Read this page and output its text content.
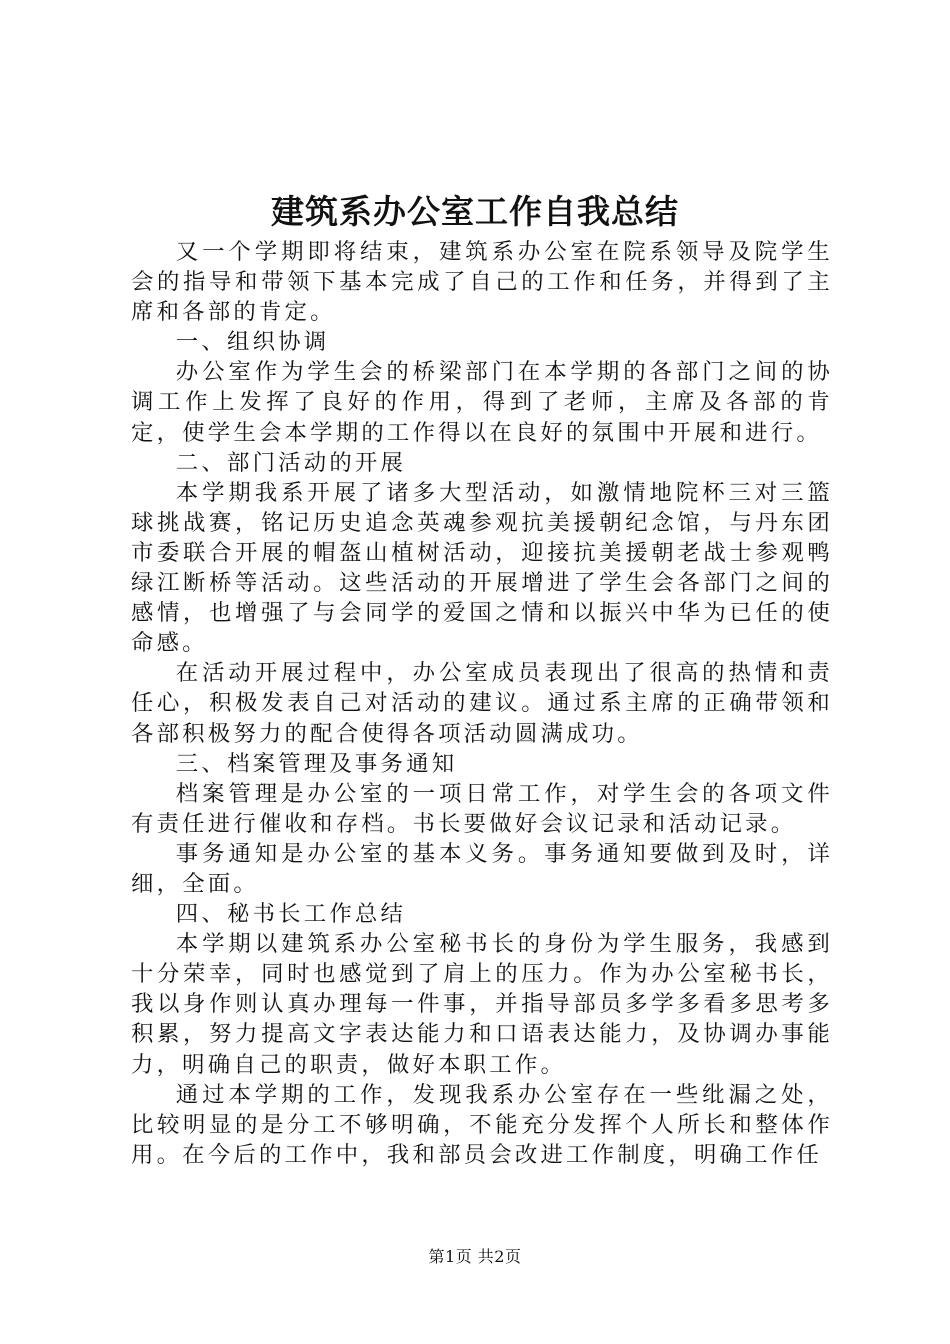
建筑系办公室工作自我总结

又一个学期即将结束，建筑系办公室在院系领导及院学生会的指导和带领下基本完成了自己的工作和任务，并得到了主席和各部的肯定。

一、组织协调

办公室作为学生会的桥梁部门在本学期的各部门之间的协调工作上发挥了良好的作用，得到了老师，主席及各部的肯定，使学生会本学期的工作得以在良好的氛围中开展和进行。

二、部门活动的开展

本学期我系开展了诸多大型活动，如激情地院杯三对三篮球挑战赛，铭记历史追念英魂参观抗美援朝纪念馆，与丹东团市委联合开展的帽盔山植树活动，迎接抗美援朝老战士参观鸭绿江断桥等活动。这些活动的开展增进了学生会各部门之间的感情，也增强了与会同学的爱国之情和以振兴中华为已任的使命感。

在活动开展过程中，办公室成员表现出了很高的热情和责任心，积极发表自己对活动的建议。通过系主席的正确带领和各部积极努力的配合使得各项活动圆满成功。

三、档案管理及事务通知

档案管理是办公室的一项日常工作，对学生会的各项文件有责任进行催收和存档。书长要做好会议记录和活动记录。

事务通知是办公室的基本义务。事务通知要做到及时，详细，全面。

四、秘书长工作总结

本学期以建筑系办公室秘书长的身份为学生服务，我感到十分荣幸，同时也感觉到了肩上的压力。作为办公室秘书长，我以身作则认真办理每一件事，并指导部员多学多看多思考多积累，努力提高文字表达能力和口语表达能力，及协调办事能力，明确自己的职责，做好本职工作。

通过本学期的工作，发现我系办公室存在一些纰漏之处，比较明显的是分工不够明确，不能充分发挥个人所长和整体作用。在今后的工作中，我和部员会改进工作制度，明确工作任

第1页 共2页
